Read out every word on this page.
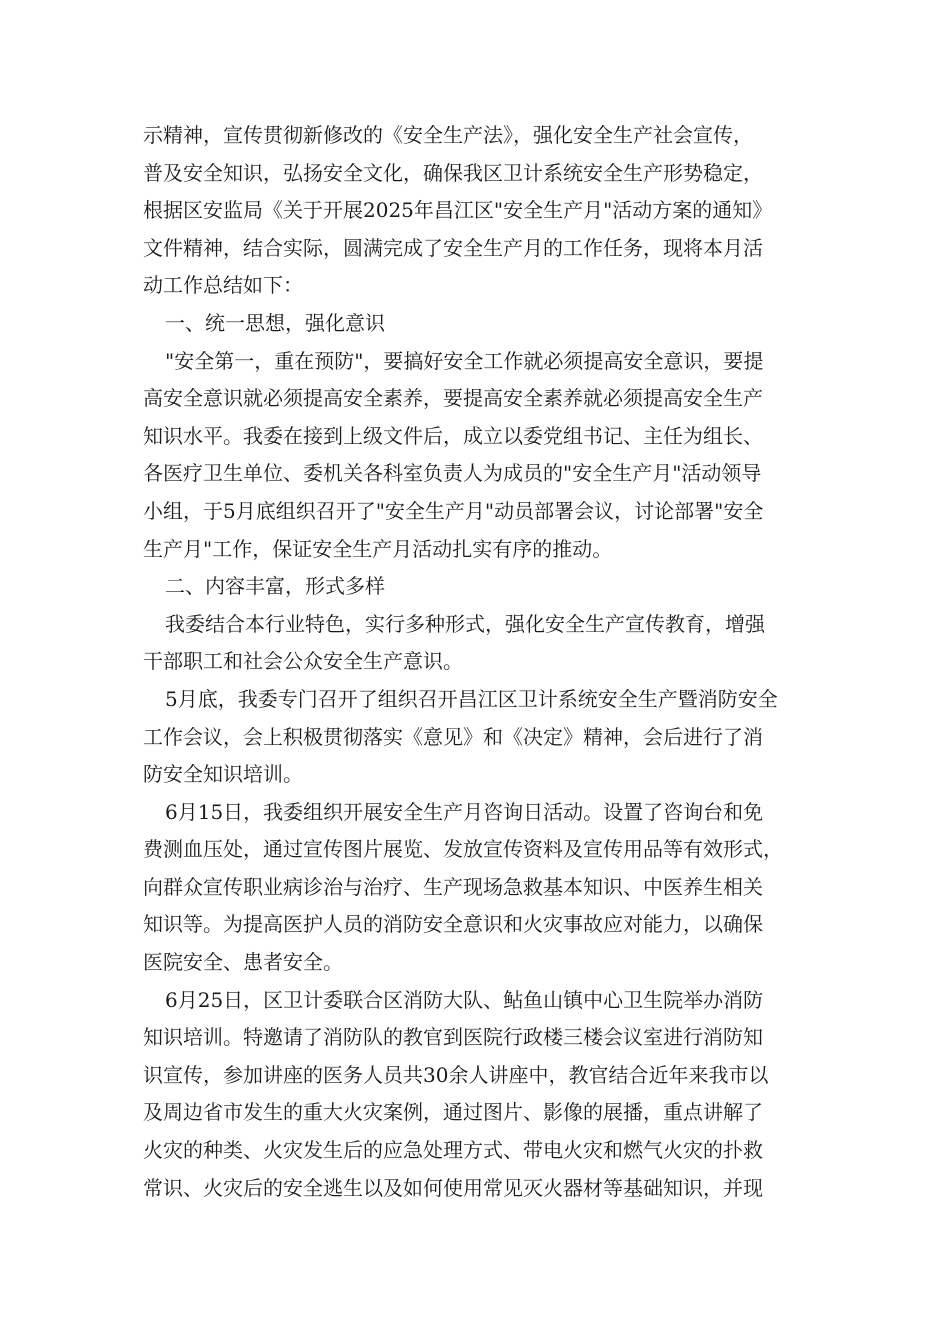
示精神，宣传贯彻新修改的《安全生产法》，强化安全生产社会宣传，
普及安全知识，弘扬安全文化，确保我区卫计系统安全生产形势稳定，
根据区安监局《关于开展2025年昌江区"安全生产月"活动方案的通知》
文件精神，结合实际，圆满完成了安全生产月的工作任务，现将本月活
动工作总结如下：
一、统一思想，强化意识
"安全第一，重在预防"，要搞好安全工作就必须提高安全意识，要提
高安全意识就必须提高安全素养，要提高安全素养就必须提高安全生产
知识水平。我委在接到上级文件后，成立以委党组书记、主任为组长、
各医疗卫生单位、委机关各科室负责人为成员的"安全生产月"活动领导
小组，于5月底组织召开了"安全生产月"动员部署会议，讨论部署"安全
生产月"工作，保证安全生产月活动扎实有序的推动。
二、内容丰富，形式多样
我委结合本行业特色，实行多种形式，强化安全生产宣传教育，增强
干部职工和社会公众安全生产意识。
5月底，我委专门召开了组织召开昌江区卫计系统安全生产暨消防安全
工作会议，会上积极贯彻落实《意见》和《决定》精神，会后进行了消
防安全知识培训。
6月15日，我委组织开展安全生产月咨询日活动。设置了咨询台和免
费测血压处，通过宣传图片展览、发放宣传资料及宣传用品等有效形式，
向群众宣传职业病诊治与治疗、生产现场急救基本知识、中医养生相关
知识等。为提高医护人员的消防安全意识和火灾事故应对能力，以确保
医院安全、患者安全。
6月25日，区卫计委联合区消防大队、鲇鱼山镇中心卫生院举办消防
知识培训。特邀请了消防队的教官到医院行政楼三楼会议室进行消防知
识宣传，参加讲座的医务人员共30余人讲座中，教官结合近年来我市以
及周边省市发生的重大火灾案例，通过图片、影像的展播，重点讲解了
火灾的种类、火灾发生后的应急处理方式、带电火灾和燃气火灾的扑救
常识、火灾后的安全逃生以及如何使用常见灭火器材等基础知识，并现
